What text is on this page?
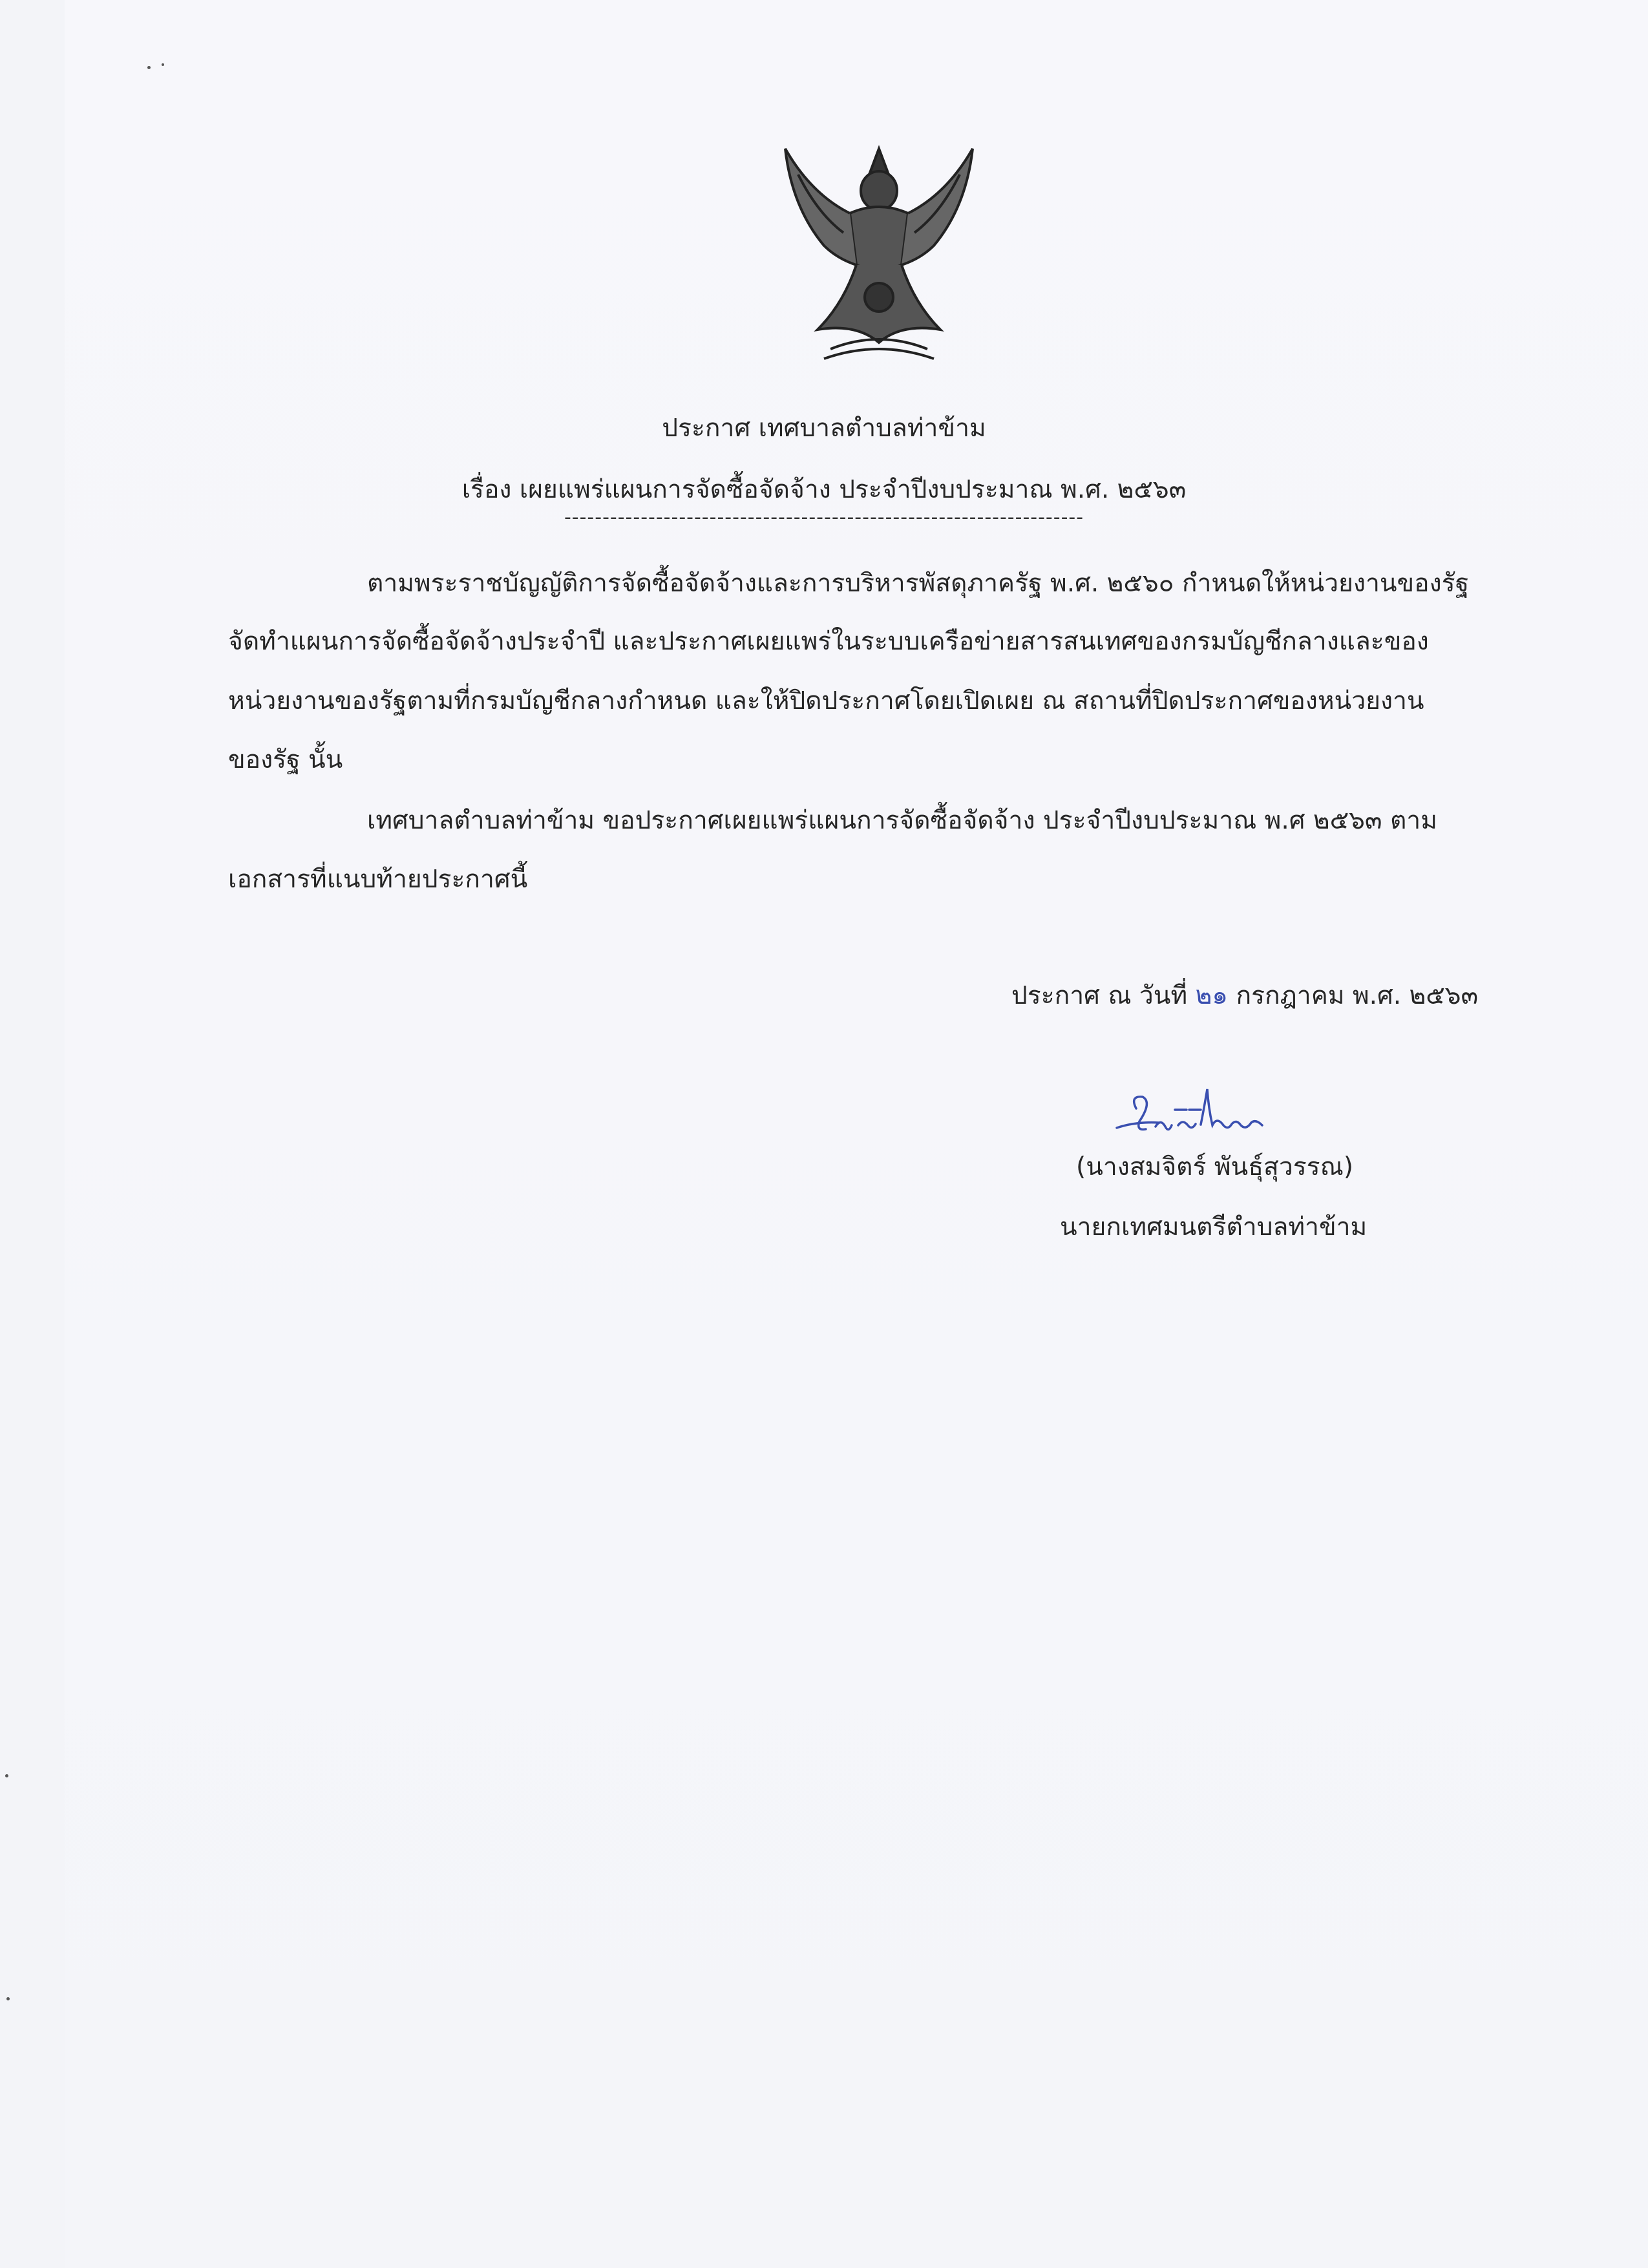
ประกาศ เทศบาลตำบลท่าข้าม
เรื่อง เผยแพร่แผนการจัดซื้อจัดจ้าง ประจำปีงบประมาณ พ.ศ. ๒๕๖๓
--------------------------------------------------------------------
ตามพระราชบัญญัติการจัดซื้อจัดจ้างและการบริหารพัสดุภาครัฐ พ.ศ. ๒๕๖๐ กำหนดให้หน่วยงานของรัฐ
จัดทำแผนการจัดซื้อจัดจ้างประจำปี และประกาศเผยแพร่ในระบบเครือข่ายสารสนเทศของกรมบัญชีกลางและของ
หน่วยงานของรัฐตามที่กรมบัญชีกลางกำหนด และให้ปิดประกาศโดยเปิดเผย ณ สถานที่ปิดประกาศของหน่วยงาน
ของรัฐ นั้น
เทศบาลตำบลท่าข้าม ขอประกาศเผยแพร่แผนการจัดซื้อจัดจ้าง ประจำปีงบประมาณ พ.ศ ๒๕๖๓ ตาม
เอกสารที่แนบท้ายประกาศนี้
ประกาศ ณ วันที่ ๒๑ กรกฎาคม พ.ศ. ๒๕๖๓
(นางสมจิตร์ พันธุ์สุวรรณ)
นายกเทศมนตรีตำบลท่าข้าม
